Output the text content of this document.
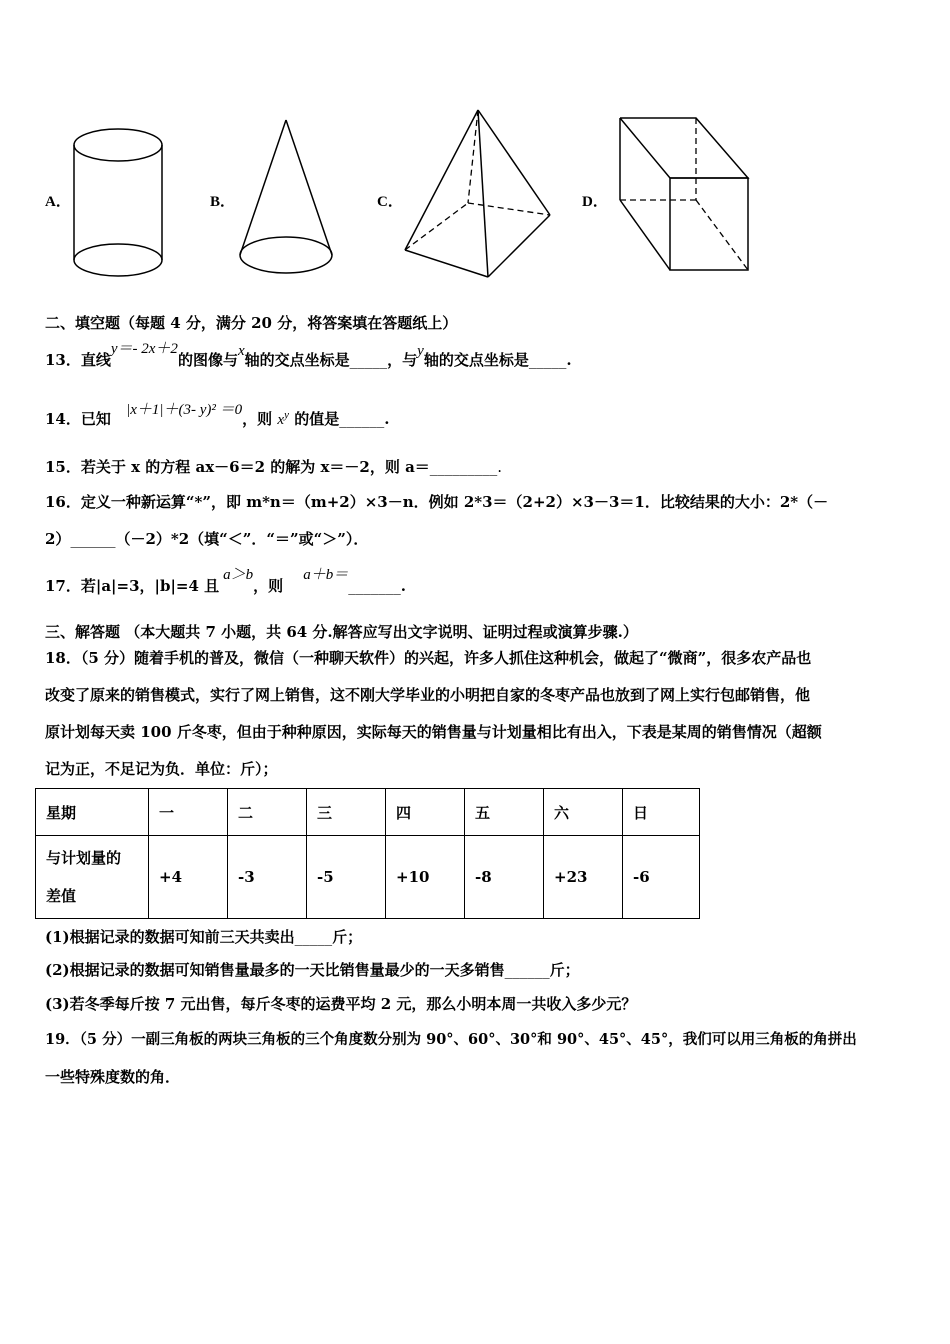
A．	B．	C．	D．
二、填空题（每题 4 分，满分 20 分，将答案填在答题纸上）
13．直线y＝- 2x＋2的图像与x轴的交点坐标是_____，与y轴的交点坐标是_____.
14．已知 |x＋1|＋(3- y)² ＝0，则 $x^y$ 的值是______.
15．若关于 x 的方程 ax－6＝2 的解为 x＝－2，则 a＝_________.
16．定义一种新运算“*”，即 m*n＝（m+2）×3－n．例如 2*3＝（2+2）×3－3＝1．比较结果的大小：2*（－
2）______（－2）*2（填“＜”．“＝”或“＞”）．
17．若|a|=3，|b|=4 且a＞b，则a＋b＝_______.
三、解答题 （本大题共 7 小题，共 64 分.解答应写出文字说明、证明过程或演算步骤.）
18．（5 分）随着手机的普及，微信（一种聊天软件）的兴起，许多人抓住这种机会，做起了“微商”，很多农产品也
改变了原来的销售模式，实行了网上销售，这不刚大学毕业的小明把自家的冬枣产品也放到了网上实行包邮销售，他
原计划每天卖 100 斤冬枣，但由于种种原因，实际每天的销售量与计划量相比有出入，下表是某周的销售情况（超额
记为正，不足记为负．单位：斤）；
星期	一	二	三	四	五	六	日

与计划量的
差值	+4	-3	-5	+10	-8	+23	-6
(1)根据记录的数据可知前三天共卖出_____斤；
(2)根据记录的数据可知销售量最多的一天比销售量最少的一天多销售______斤；
(3)若冬季每斤按 7 元出售，每斤冬枣的运费平均 2 元，那么小明本周一共收入多少元？
19．（5 分）一副三角板的两块三角板的三个角度数分别为 90°、60°、30°和 90°、45°、45°，我们可以用三角板的角拼出
一些特殊度数的角．
